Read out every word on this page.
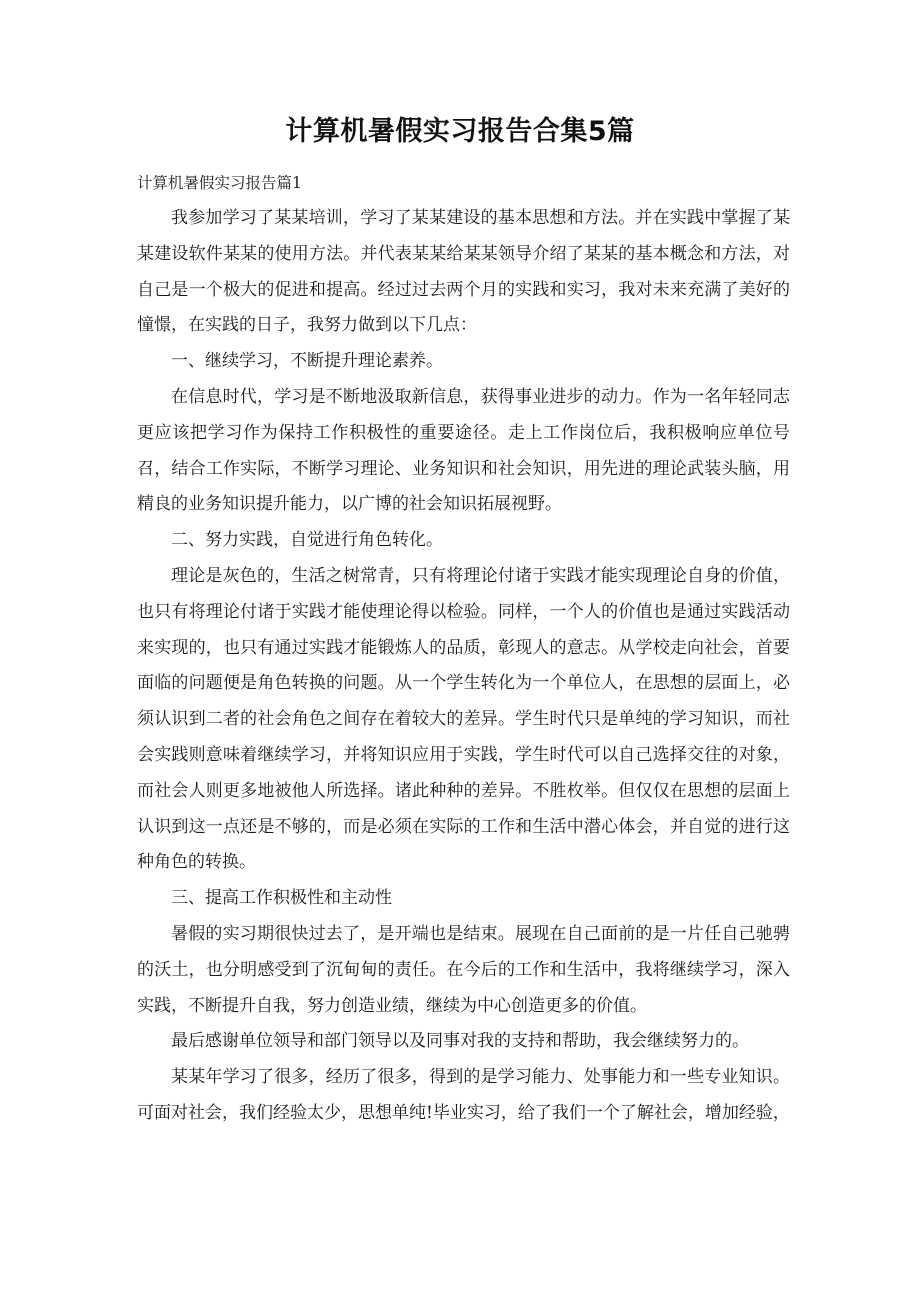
计算机暑假实习报告合集5篇

计算机暑假实习报告篇1

我参加学习了某某培训，学习了某某建设的基本思想和方法。并在实践中掌握了某某建设软件某某的使用方法。并代表某某给某某领导介绍了某某的基本概念和方法，对自己是一个极大的促进和提高。经过过去两个月的实践和实习，我对未来充满了美好的憧憬，在实践的日子，我努力做到以下几点：

一、继续学习，不断提升理论素养。

在信息时代，学习是不断地汲取新信息，获得事业进步的动力。作为一名年轻同志更应该把学习作为保持工作积极性的重要途径。走上工作岗位后，我积极响应单位号召，结合工作实际，不断学习理论、业务知识和社会知识，用先进的理论武装头脑，用精良的业务知识提升能力，以广博的社会知识拓展视野。

二、努力实践，自觉进行角色转化。

理论是灰色的，生活之树常青，只有将理论付诸于实践才能实现理论自身的价值，也只有将理论付诸于实践才能使理论得以检验。同样，一个人的价值也是通过实践活动来实现的，也只有通过实践才能锻炼人的品质，彰现人的意志。从学校走向社会，首要面临的问题便是角色转换的问题。从一个学生转化为一个单位人，在思想的层面上，必须认识到二者的社会角色之间存在着较大的差异。学生时代只是单纯的学习知识，而社会实践则意味着继续学习，并将知识应用于实践，学生时代可以自己选择交往的对象，而社会人则更多地被他人所选择。诸此种种的差异。不胜枚举。但仅仅在思想的层面上认识到这一点还是不够的，而是必须在实际的工作和生活中潜心体会，并自觉的进行这种角色的转换。

三、提高工作积极性和主动性

暑假的实习期很快过去了，是开端也是结束。展现在自己面前的是一片任自己驰骋的沃土，也分明感受到了沉甸甸的责任。在今后的工作和生活中，我将继续学习，深入实践，不断提升自我，努力创造业绩，继续为中心创造更多的价值。

最后感谢单位领导和部门领导以及同事对我的支持和帮助，我会继续努力的。

某某年学习了很多，经历了很多，得到的是学习能力、处事能力和一些专业知识。可面对社会，我们经验太少，思想单纯!毕业实习，给了我们一个了解社会，增加经验，
